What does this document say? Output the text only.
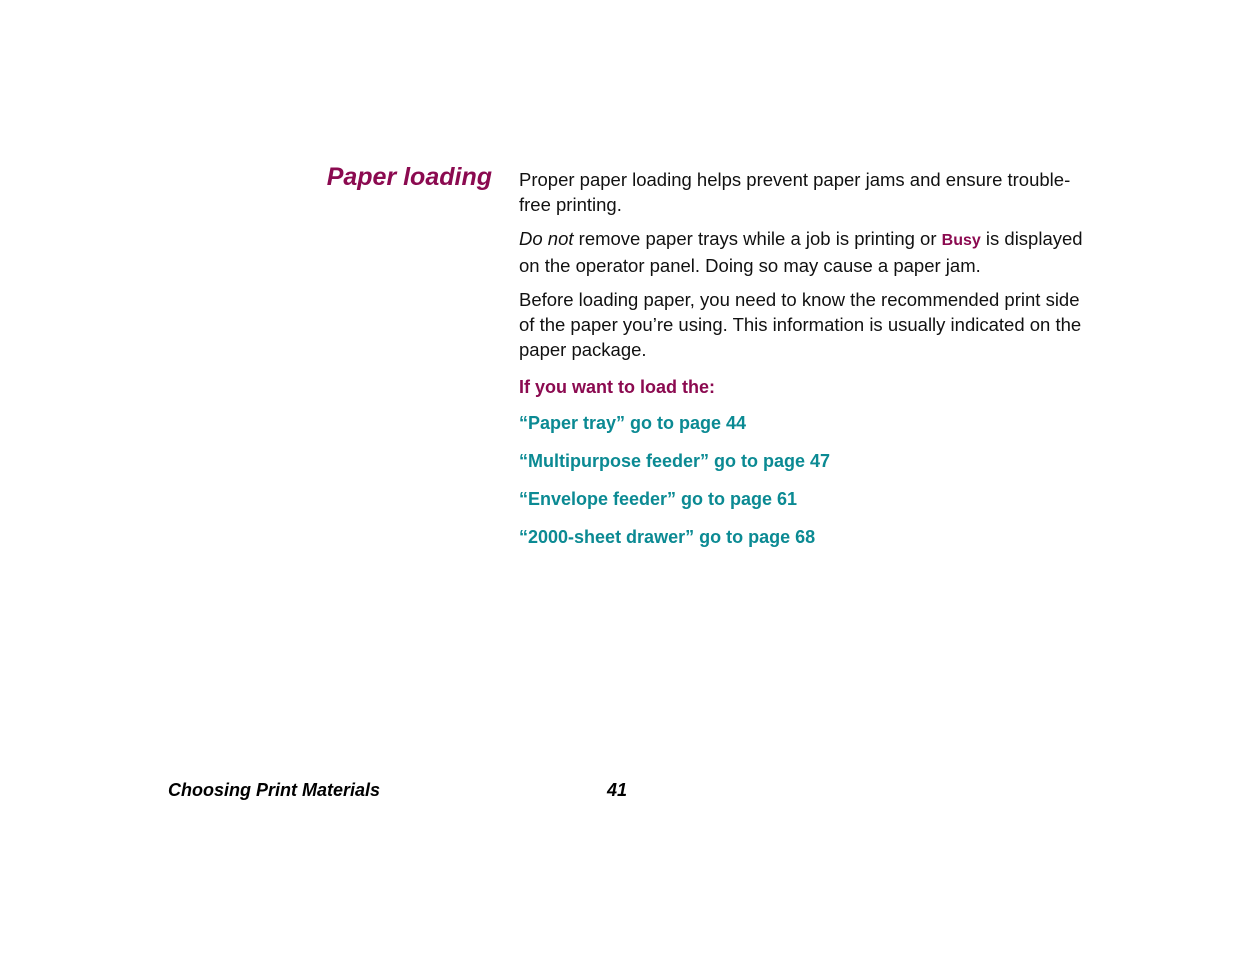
Paper loading Proper paper loading helps prevent paper jams and ensure trouble-free printing.

Do not remove paper trays while a job is printing or Busy is displayed on the operator panel. Doing so may cause a paper jam.

Before loading paper, you need to know the recommended print side of the paper you’re using. This information is usually indicated on the paper package.

If you want to load the:
“Paper tray” go to page 44
“Multipurpose feeder” go to page 47
“Envelope feeder” go to page 61
“2000-sheet drawer” go to page 68
Choosing Print Materials	41
